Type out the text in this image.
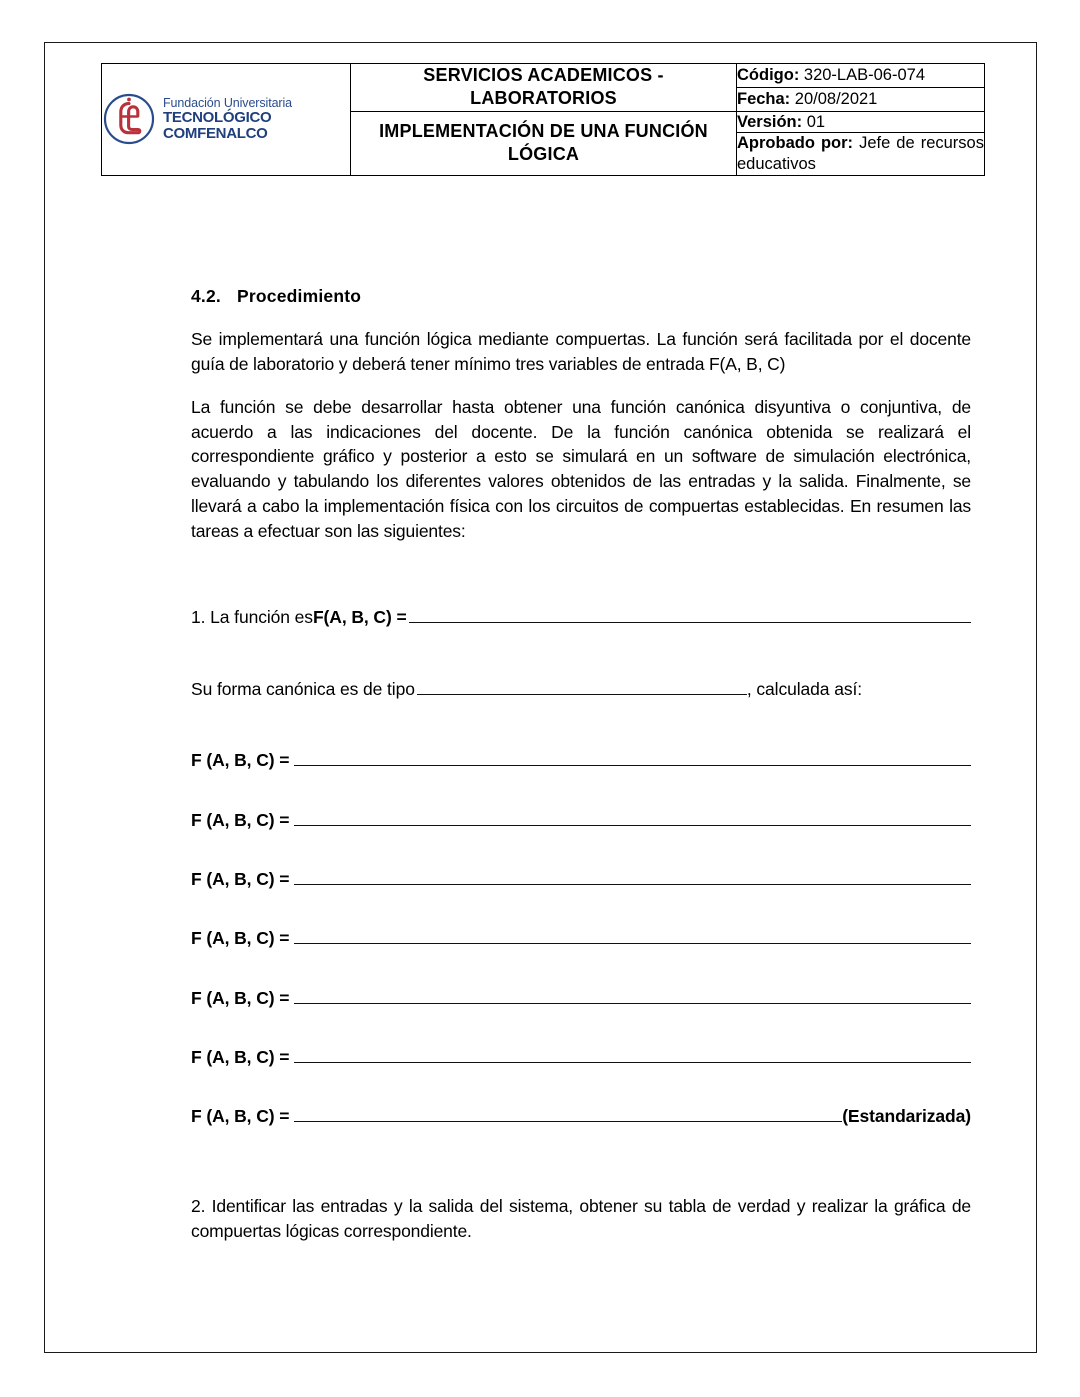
Fundación Universitaria
TECNOLÓGICO COMFENALCO	SERVICIOS ACADEMICOS - LABORATORIOS	Código: 320-LAB-06-074
		Fecha: 20/08/2021

	IMPLEMENTACIÓN DE UNA FUNCIÓN LÓGICA	Versión: 01
		Aprobado por: Jefe de recursos educativos
4.2. Procedimiento

Se implementará una función lógica mediante compuertas. La función será facilitada por el docente guía de laboratorio y deberá tener mínimo tres variables de entrada F(A, B, C)

La función se debe desarrollar hasta obtener una función canónica disyuntiva o conjuntiva, de acuerdo a las indicaciones del docente. De la función canónica obtenida se realizará el correspondiente gráfico y posterior a esto se simulará en un software de simulación electrónica, evaluando y tabulando los diferentes valores obtenidos de las entradas y la salida. Finalmente, se llevará a cabo la implementación física con los circuitos de compuertas establecidas. En resumen las tareas a efectuar son las siguientes:

1. La función es F(A, B, C) =
Su forma canónica es de tipo	, calculada así:
F (A, B, C) =
F (A, B, C) =
F (A, B, C) =
F (A, B, C) =
F (A, B, C) =
F (A, B, C) =
F (A, B, C) =	(Estandarizada)

2. Identificar las entradas y la salida del sistema, obtener su tabla de verdad y realizar la gráfica de compuertas lógicas correspondiente.
